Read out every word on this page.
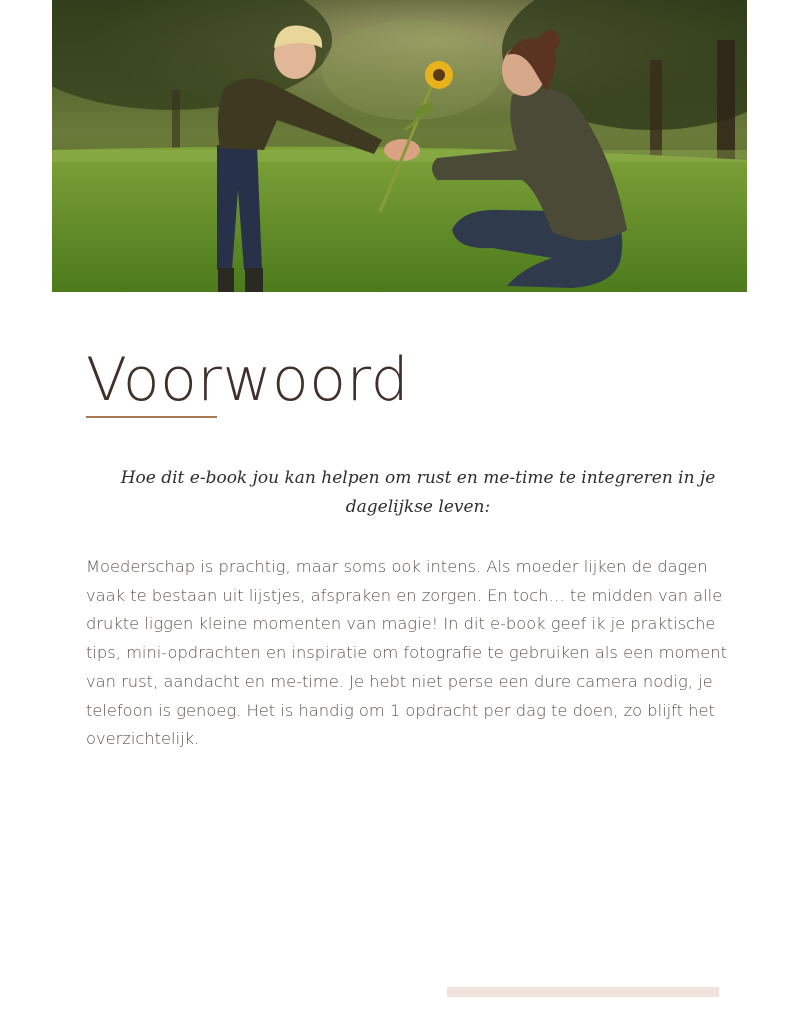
Voorwoord

Hoe dit e-book jou kan helpen om rust en me-time te integreren in je dagelijkse leven:

Moederschap is prachtig, maar soms ook intens. Als moeder lijken de dagen vaak te bestaan uit lijstjes, afspraken en zorgen. En toch… te midden van alle drukte liggen kleine momenten van magie! In dit e-book geef ik je praktische tips, mini-opdrachten en inspiratie om fotografie te gebruiken als een moment van rust, aandacht en me-time. Je hebt niet perse een dure camera nodig, je telefoon is genoeg. Het is handig om 1 opdracht per dag te doen, zo blijft het overzichtelijk.
